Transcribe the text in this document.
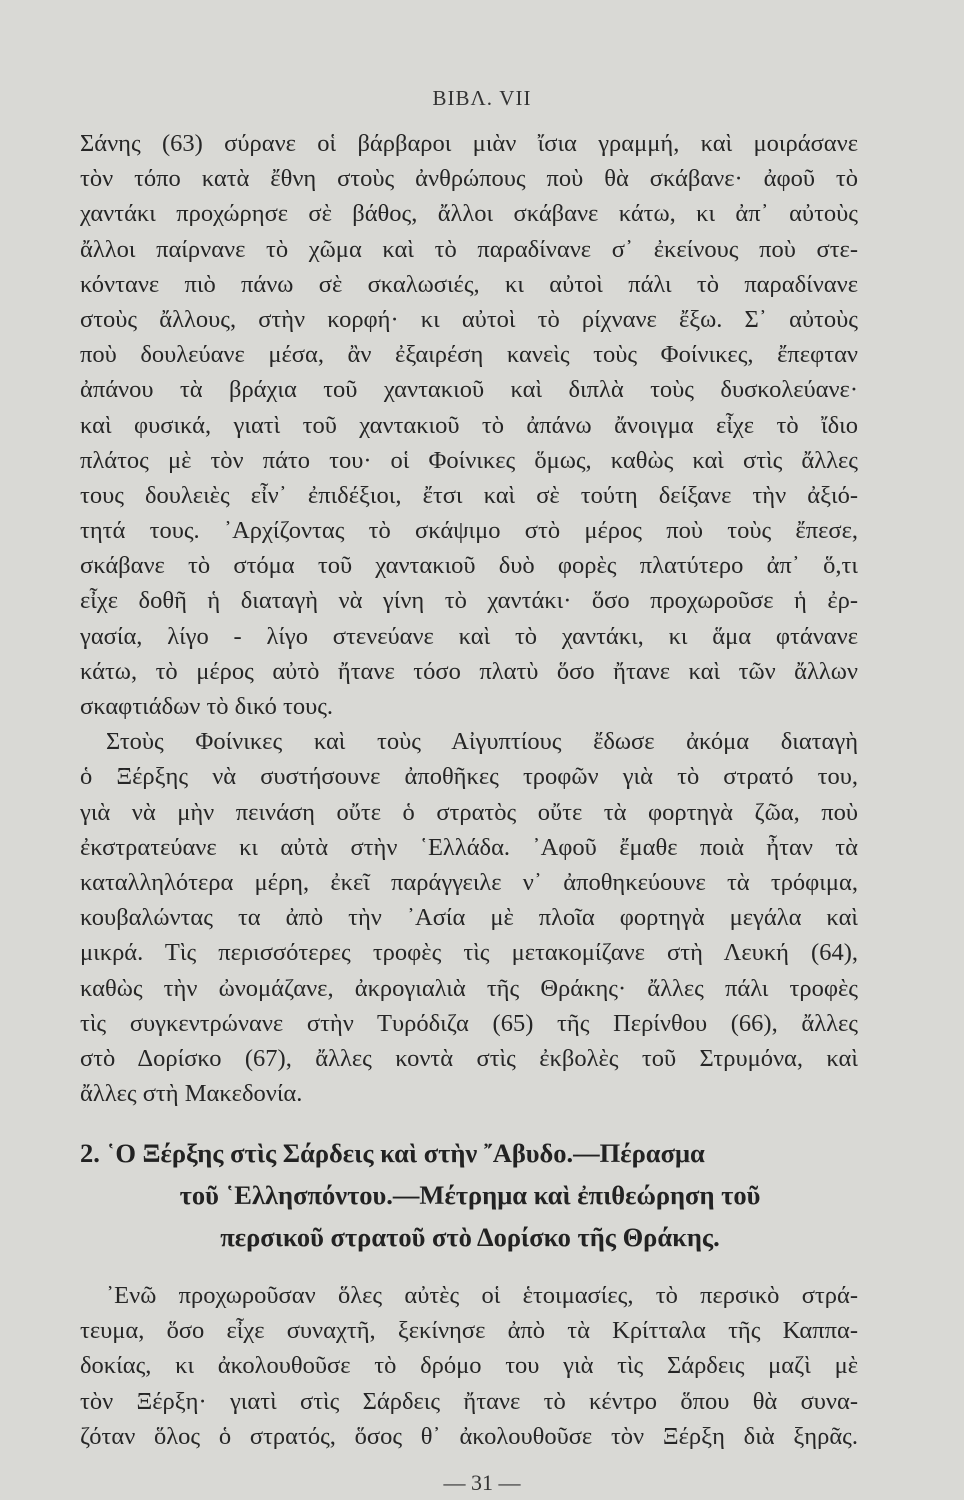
ΒΙΒΛ. VII
Σάνης (63) σύρανε οἱ βάρβαροι μιὰν ἴσια γραμμή, καὶ μοιράσανε
τὸν τόπο κατὰ ἔθνη στοὺς ἀνθρώπους ποὺ θὰ σκάβανε· ἀφοῦ τὸ
χαντάκι προχώρησε σὲ βάθος, ἄλλοι σκάβανε κάτω, κι ἀπ᾿ αὐτοὺς
ἄλλοι παίρνανε τὸ χῶμα καὶ τὸ παραδίνανε σ᾿ ἐκείνους ποὺ στε-
κόντανε πιὸ πάνω σὲ σκαλωσιές, κι αὐτοὶ πάλι τὸ παραδίνανε
στοὺς ἄλλους, στὴν κορφή· κι αὐτοὶ τὸ ρίχνανε ἔξω. Σ᾿ αὐτοὺς
ποὺ δουλεύανε μέσα, ἂν ἐξαιρέση κανεὶς τοὺς Φοίνικες, ἔπεφταν
ἀπάνου τὰ βράχια τοῦ χαντακιοῦ καὶ διπλὰ τοὺς δυσκολεύανε·
καὶ φυσικά, γιατὶ τοῦ χαντακιοῦ τὸ ἀπάνω ἄνοιγμα εἶχε τὸ ἴδιο
πλάτος μὲ τὸν πάτο του· οἱ Φοίνικες ὅμως, καθὼς καὶ στὶς ἄλλες
τους δουλειὲς εἶν᾿ ἐπιδέξιοι, ἔτσι καὶ σὲ τούτη δείξανε τὴν ἀξιό-
τητά τους. ᾿Αρχίζοντας τὸ σκάψιμο στὸ μέρος ποὺ τοὺς ἔπεσε,
σκάβανε τὸ στόμα τοῦ χαντακιοῦ δυὸ φορὲς πλατύτερο ἀπ᾿ ὅ,τι
εἶχε δοθῆ ἡ διαταγὴ νὰ γίνη τὸ χαντάκι· ὅσο προχωροῦσε ἡ ἐρ-
γασία, λίγο - λίγο στενεύανε καὶ τὸ χαντάκι, κι ἅμα φτάνανε
κάτω, τὸ μέρος αὐτὸ ἤτανε τόσο πλατὺ ὅσο ἤτανε καὶ τῶν ἄλλων
σκαφτιάδων τὸ δικό τους.
Στοὺς Φοίνικες καὶ τοὺς Αἰγυπτίους ἔδωσε ἀκόμα διαταγὴ
ὁ Ξέρξης νὰ συστήσουνε ἀποθῆκες τροφῶν γιὰ τὸ στρατό του,
γιὰ νὰ μὴν πεινάση οὔτε ὁ στρατὸς οὔτε τὰ φορτηγὰ ζῶα, ποὺ
ἐκστρατεύανε κι αὐτὰ στὴν ῾Ελλάδα. ᾿Αφοῦ ἔμαθε ποιὰ ἦταν τὰ
καταλληλότερα μέρη, ἐκεῖ παράγγειλε ν᾿ ἀποθηκεύουνε τὰ τρόφιμα,
κουβαλώντας τα ἀπὸ τὴν ᾿Ασία μὲ πλοῖα φορτηγὰ μεγάλα καὶ
μικρά. Τὶς περισσότερες τροφὲς τὶς μετακομίζανε στὴ Λευκή (64),
καθὼς τὴν ὠνομάζανε, ἀκρογιαλιὰ τῆς Θράκης· ἄλλες πάλι τροφὲς
τὶς συγκεντρώνανε στὴν Τυρόδιζα (65) τῆς Περίνθου (66), ἄλλες
στὸ Δορίσκο (67), ἄλλες κοντὰ στὶς ἐκβολὲς τοῦ Στρυμόνα, καὶ
ἄλλες στὴ Μακεδονία.
2. ῾Ο Ξέρξης στὶς Σάρδεις καὶ στὴν ῎Αβυδο.—Πέρασμα
τοῦ ῾Ελλησπόντου.—Μέτρημα καὶ ἐπιθεώρηση τοῦ
περσικοῦ στρατοῦ στὸ Δορίσκο τῆς Θράκης.
᾿Ενῶ προχωροῦσαν ὅλες αὐτὲς οἱ ἑτοιμασίες, τὸ περσικὸ στρά-
τευμα, ὅσο εἶχε συναχτῆ, ξεκίνησε ἀπὸ τὰ Κρίτταλα τῆς Καππα-
δοκίας, κι ἀκολουθοῦσε τὸ δρόμο του γιὰ τὶς Σάρδεις μαζὶ μὲ
τὸν Ξέρξη· γιατὶ στὶς Σάρδεις ἤτανε τὸ κέντρο ὅπου θὰ συνα-
ζόταν ὅλος ὁ στρατός, ὅσος θ᾿ ἀκολουθοῦσε τὸν Ξέρξη διὰ ξηρᾶς.
— 31 —
